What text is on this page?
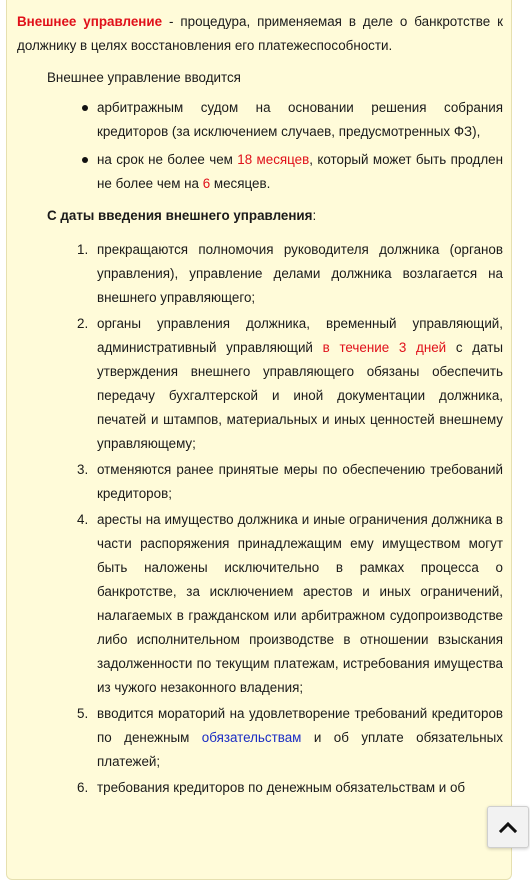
Внешнее управление - процедура, применяемая в деле о банкротстве к должнику в целях восстановления его платежеспособности.

Внешнее управление вводится

арбитражным судом на основании решения собрания кредиторов (за исключением случаев, предусмотренных ФЗ),
на срок не более чем 18 месяцев, который может быть продлен не более чем на 6 месяцев.

С даты введения внешнего управления:

1. прекращаются полномочия руководителя должника (органов управления), управление делами должника возлагается на внешнего управляющего;
2. органы управления должника, временный управляющий, административный управляющий в течение 3 дней с даты утверждения внешнего управляющего обязаны обеспечить передачу бухгалтерской и иной документации должника, печатей и штампов, материальных и иных ценностей внешнему управляющему;
3. отменяются ранее принятые меры по обеспечению требований кредиторов;
4. аресты на имущество должника и иные ограничения должника в части распоряжения принадлежащим ему имуществом могут быть наложены исключительно в рамках процесса о банкротстве, за исключением арестов и иных ограничений, налагаемых в гражданском или арбитражном судопроизводстве либо исполнительном производстве в отношении взыскания задолженности по текущим платежам, истребования имущества из чужого незаконного владения;
5. вводится мораторий на удовлетворение требований кредиторов по денежным обязательствам и об уплате обязательных платежей;
6. требования кредиторов по денежным обязательствам и об
